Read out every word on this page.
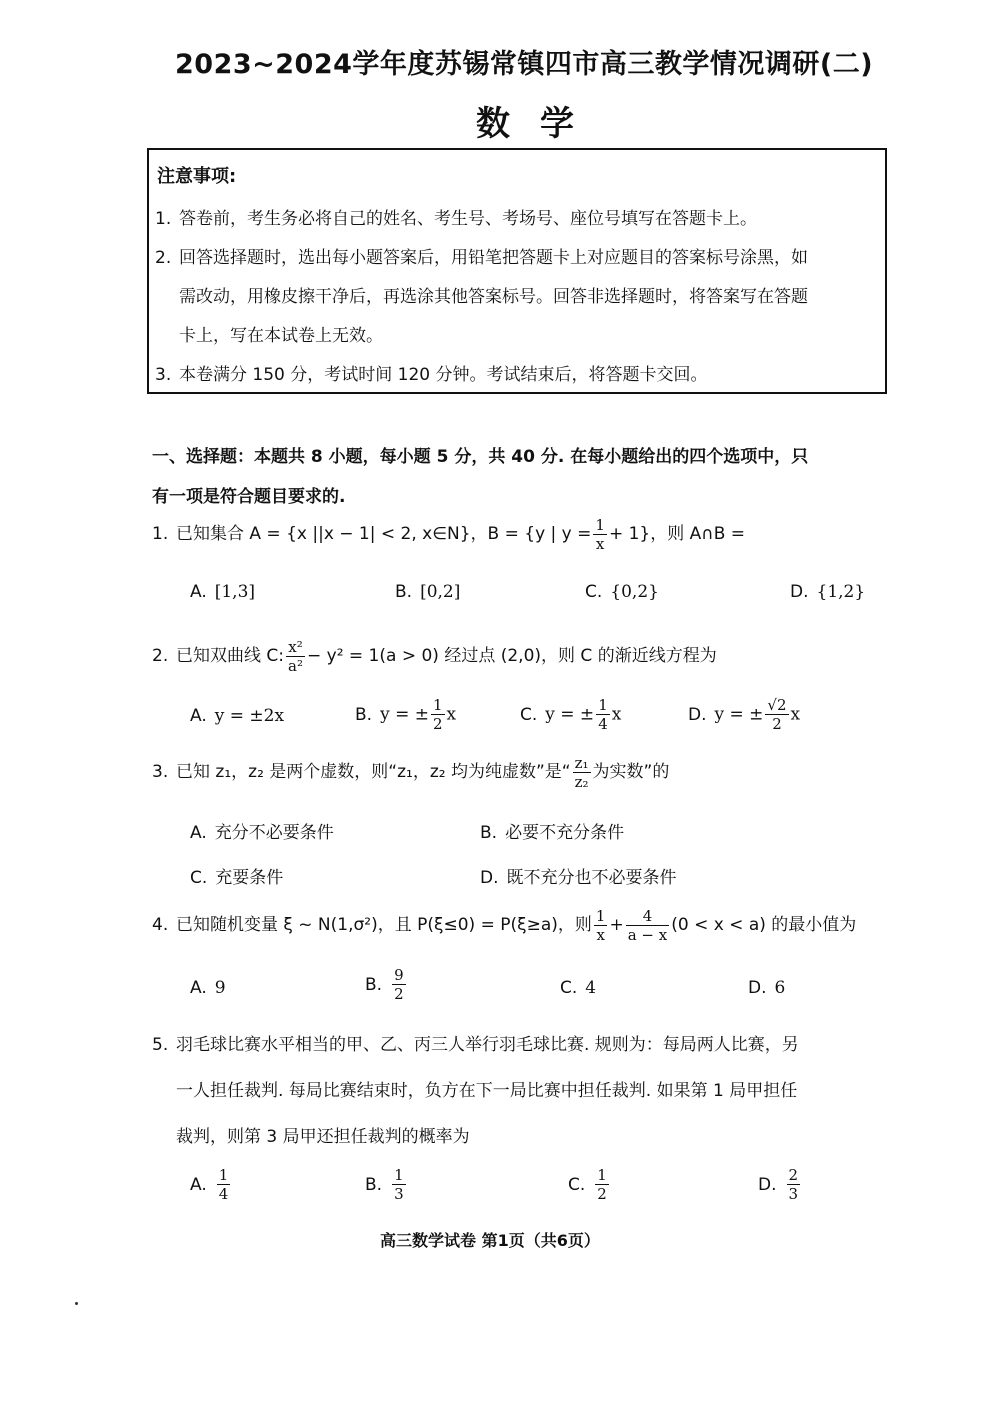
2023~2024学年度苏锡常镇四市高三教学情况调研(二)
数学
注意事项:
1. 答卷前，考生务必将自己的姓名、考生号、考场号、座位号填写在答题卡上。
2. 回答选择题时，选出每小题答案后，用铅笔把答题卡上对应题目的答案标号涂黑，如
需改动，用橡皮擦干净后，再选涂其他答案标号。回答非选择题时，将答案写在答题
卡上，写在本试卷上无效。
3. 本卷满分 150 分，考试时间 120 分钟。考试结束后，将答题卡交回。
一、选择题：本题共 8 小题，每小题 5 分，共 40 分. 在每小题给出的四个选项中，只
有一项是符合题目要求的.
1. 已知集合 A = {x ||x − 1| < 2, x∈N}，B = {y | $y = \frac{1}{x} + 1$}，则 A∩B =
A. [1,3]	B. [0,2]	C. {0,2}	D. {1,2}
2. 已知双曲线 C: $\frac{\text{x²}}{\text{a²}} - y^2 = 1(a > 0)$ 经过点 (2,0)，则 C 的渐近线方程为
A. y = ±2x	B. y = ± $\frac{1}{2}$ x	C. y = ± $\frac{1}{4}$ x	D. y = ± $\frac{√2}{2}$ x
3. 已知 z₁，z₂ 是两个虚数，则“z₁，z₂ 均为纯虚数”是“ $\frac{\text{z₁}}{\text{z₂}}$ 为实数”的
A. 充分不必要条件	B. 必要不充分条件
C. 充要条件	D. 既不充分也不必要条件
4. 已知随机变量 ξ ~ N(1,σ²)，且 P(ξ≤0) = P(ξ≥a)，则 $\frac{1}{x} + \frac{4}{a - x} (0 < x < a)$ 的最小值为
A. 9	B. $\frac{9}{2}$	C. 4	D. 6
5. 羽毛球比赛水平相当的甲、乙、丙三人举行羽毛球比赛. 规则为：每局两人比赛，另
一人担任裁判. 每局比赛结束时，负方在下一局比赛中担任裁判. 如果第 1 局甲担任
裁判，则第 3 局甲还担任裁判的概率为
A. $\frac{1}{4}$	B. $\frac{1}{3}$	C. $\frac{1}{2}$	D. $\frac{2}{3}$
高三数学试卷 第1页（共6页）
